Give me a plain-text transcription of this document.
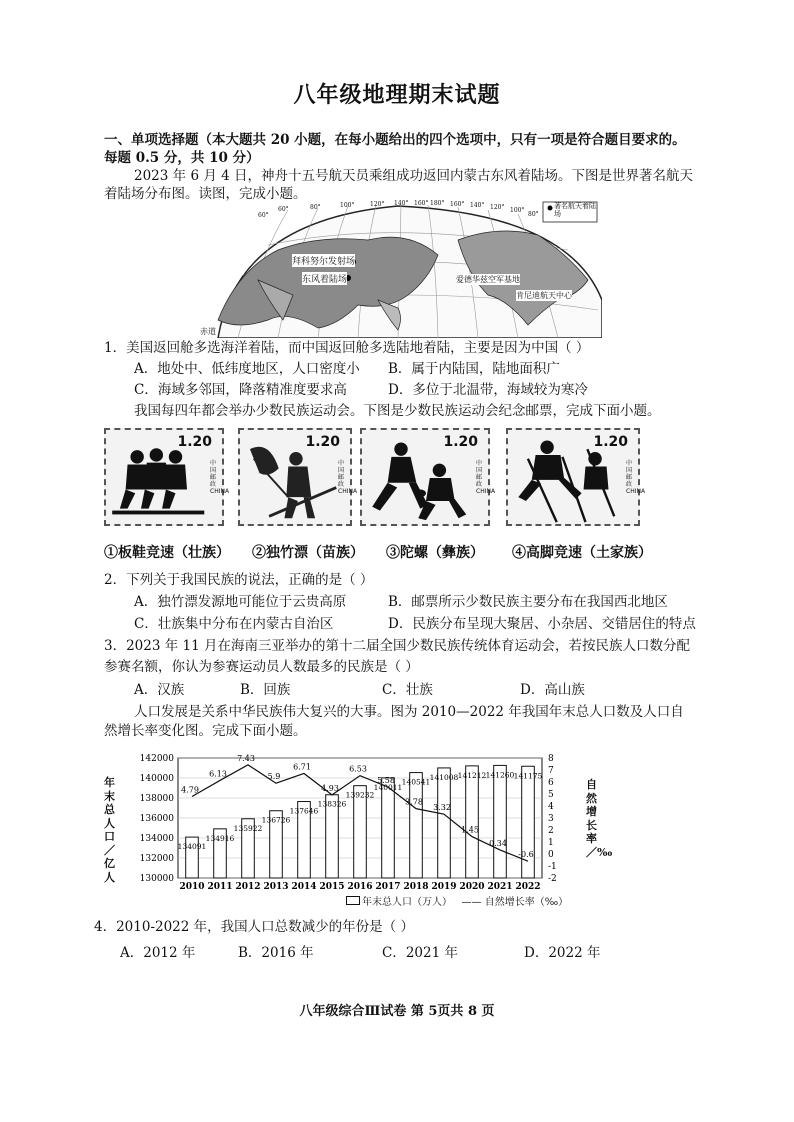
八年级地理期末试题
一、单项选择题（本大题共 20 小题，在每小题给出的四个选项中，只有一项是符合题目要求的。
每题 0.5 分，共 10 分）
2023 年 6 月 4 日，神舟十五号航天员乘组成功返回内蒙古东风着陆场。下图是世界著名航天
着陆场分布图。读图，完成小题。
著名航天着陆场
拜科努尔发射场
东风着陆场	爱德华兹空军基地
肯尼迪航天中心
赤道
60°	80°	100°	120° 140° 160° 180° 160° 140° 120° 100°
80°
60°
1．美国返回舱多选海洋着陆，而中国返回舱多选陆地着陆，主要是因为中国（ ）
A．地处中、低纬度地区，人口密度小 B．属于内陆国，陆地面积广
C．海域多邻国，降落精准度要求高	D．多位于北温带，海域较为寒冷
我国每四年都会举办少数民族运动会。下图是少数民族运动会纪念邮票，完成下面小题。
1.20
中国邮政 CHINA
1.20
中国邮政 CHINA
1.20
中国邮政 CHINA
1.20
中国邮政 CHINA
①板鞋竞速（壮族） ②独竹漂（苗族） ③陀螺（彝族） ④高脚竞速（土家族）
2．下列关于我国民族的说法，正确的是（ ）
A．独竹漂发源地可能位于云贵高原	B．邮票所示少数民族主要分布在我国西北地区
C．壮族集中分布在内蒙古自治区	D．民族分布呈现大聚居、小杂居、交错居住的特点
3．2023 年 11 月在海南三亚举办的第十二届全国少数民族传统体育运动会，若按民族人口数分配
参赛名额，你认为参赛运动员人数最多的民族是（ ）
A．汉族	B．回族	C．壮族	D．高山族
人口发展是关系中华民族伟大复兴的大事。图为 2010—2022 年我国年末总人口数及人口自
然增长率变化图。完成下面小题。
年末总人口／亿人
自然增长率／‰
142000
140000
138000
136000
134000
132000
130000
8
7
6
5
4
3
2
1
0
-1
-2
134091
2010
4.79
134916
2011
6.13
135922
2012
7.43
136726
2013
5.9
137646
2014
6.71
138326
2015
4.93
139232
2016
6.53
140011
2017
5.58 140541
2018
3.78
141008
2019
3.32
141212
2020
1.45
141260
2021
0.34
141175
2022
-0.6
年末总人口（万人）   —— 自然增长率（‰）
4．2010-2022 年，我国人口总数减少的年份是（ ）
A．2012 年	B．2016 年	C．2021 年	D．2022 年
八年级综合Ⅲ试卷 第 5页共 8 页
